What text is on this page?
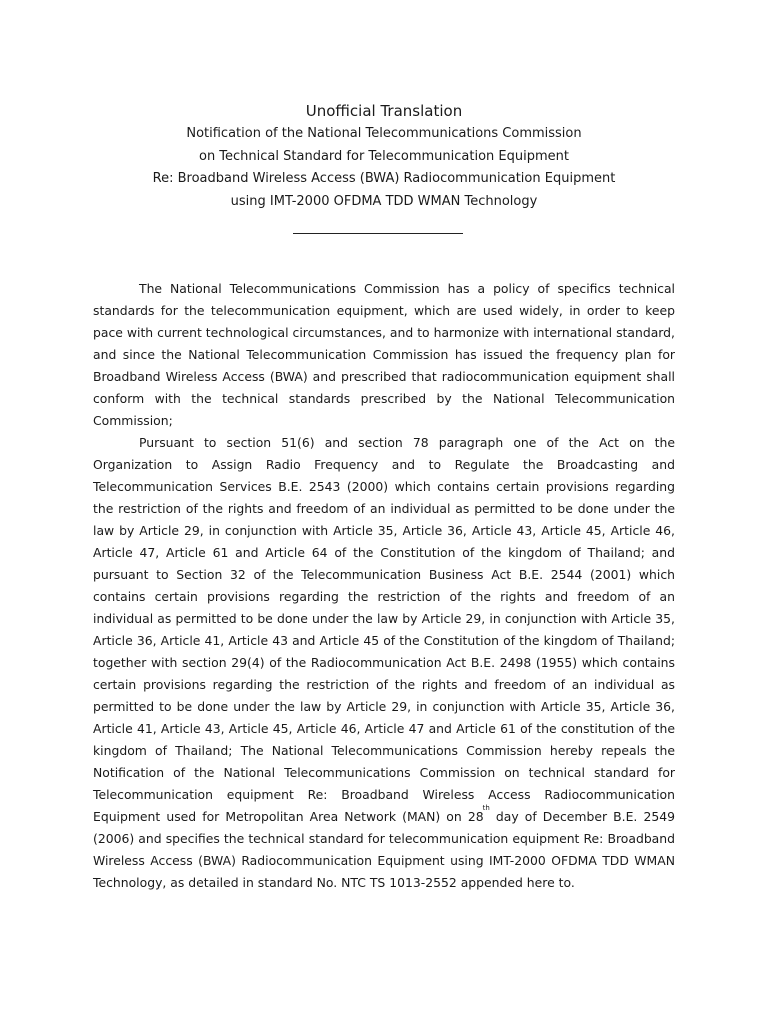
Unofficial Translation
Notification of the National Telecommunications Commission
on Technical Standard for Telecommunication Equipment
Re: Broadband Wireless Access (BWA) Radiocommunication Equipment
using IMT-2000 OFDMA TDD WMAN Technology

The National Telecommunications Commission has a policy of specifics technical standards for the telecommunication equipment, which are used widely, in order to keep pace with current technological circumstances, and to harmonize with international standard, and since the National Telecommunication Commission has issued the frequency plan for Broadband Wireless Access (BWA) and prescribed that radiocommunication equipment shall conform with the technical standards prescribed by the National Telecommunication Commission;

Pursuant to section 51(6) and section 78 paragraph one of the Act on the Organization to Assign Radio Frequency and to Regulate the Broadcasting and Telecommunication Services B.E. 2543 (2000) which contains certain provisions regarding the restriction of the rights and freedom of an individual as permitted to be done under the law by Article 29, in conjunction with Article 35, Article 36, Article 43, Article 45, Article 46, Article 47, Article 61 and Article 64 of the Constitution of the kingdom of Thailand; and pursuant to Section 32 of the Telecommunication Business Act B.E. 2544 (2001) which contains certain provisions regarding the restriction of the rights and freedom of an individual as permitted to be done under the law by Article 29, in conjunction with Article 35, Article 36, Article 41, Article 43 and Article 45 of the Constitution of the kingdom of Thailand; together with section 29(4) of the Radiocommunication Act B.E. 2498 (1955) which contains certain provisions regarding the restriction of the rights and freedom of an individual as permitted to be done under the law by Article 29, in conjunction with Article 35, Article 36, Article 41, Article 43, Article 45, Article 46, Article 47 and Article 61 of the constitution of the kingdom of Thailand; The National Telecommunications Commission hereby repeals the Notification of the National Telecommunications Commission on technical standard for Telecommunication equipment Re: Broadband Wireless Access Radiocommunication Equipment used for Metropolitan Area Network (MAN) on 28th day of December B.E. 2549 (2006) and specifies the technical standard for telecommunication equipment Re: Broadband Wireless Access (BWA) Radiocommunication Equipment using IMT-2000 OFDMA TDD WMAN Technology, as detailed in standard No. NTC TS 1013-2552 appended here to.
